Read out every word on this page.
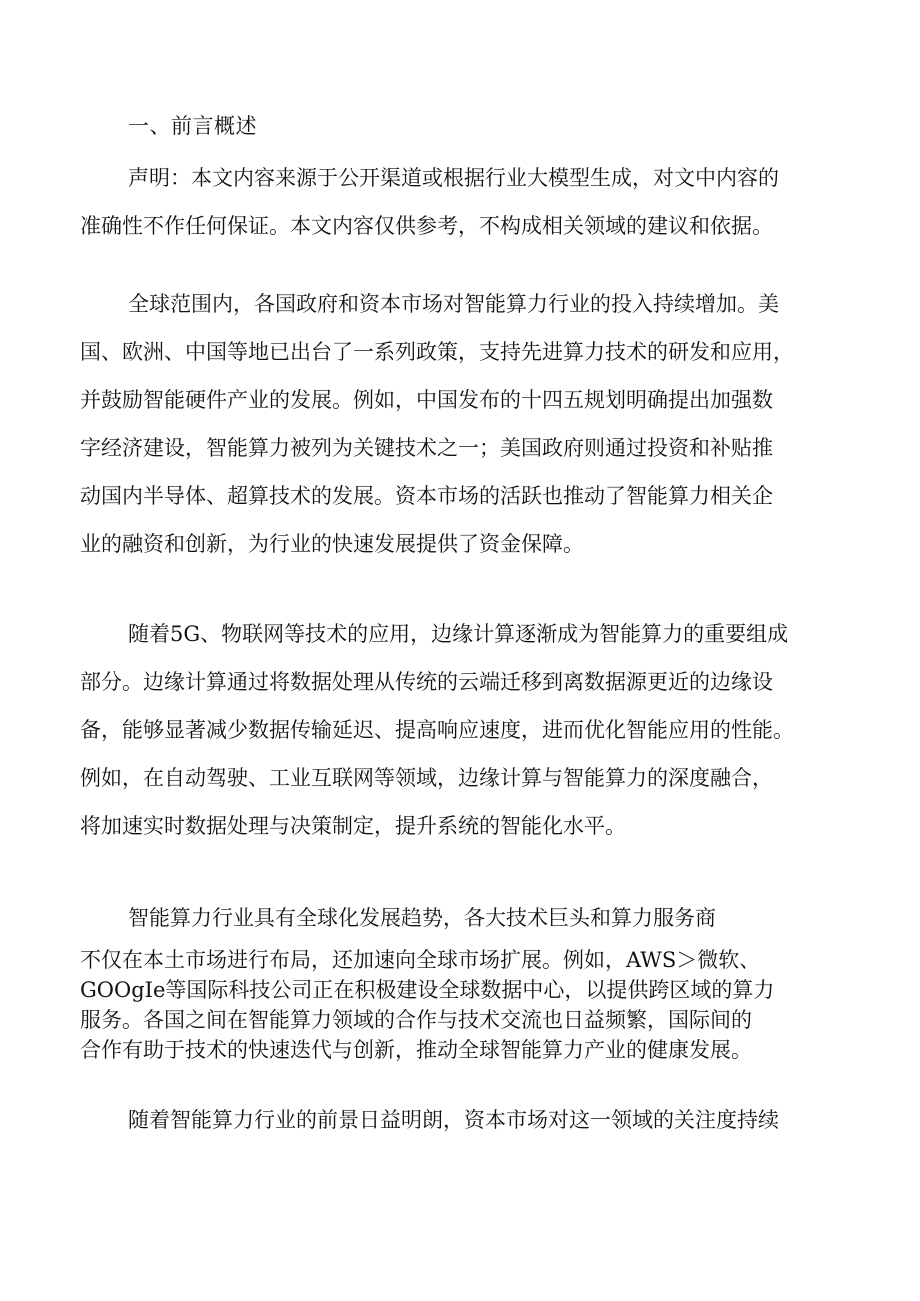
一、前言概述
声明：本文内容来源于公开渠道或根据行业大模型生成，对文中内容的
准确性不作任何保证。本文内容仅供参考，不构成相关领域的建议和依据。
全球范围内，各国政府和资本市场对智能算力行业的投入持续增加。美
国、欧洲、中国等地已出台了一系列政策，支持先进算力技术的研发和应用，
并鼓励智能硬件产业的发展。例如，中国发布的十四五规划明确提出加强数
字经济建设，智能算力被列为关键技术之一；美国政府则通过投资和补贴推
动国内半导体、超算技术的发展。资本市场的活跃也推动了智能算力相关企
业的融资和创新，为行业的快速发展提供了资金保障。
随着5G、物联网等技术的应用，边缘计算逐渐成为智能算力的重要组成
部分。边缘计算通过将数据处理从传统的云端迁移到离数据源更近的边缘设
备，能够显著减少数据传输延迟、提高响应速度，进而优化智能应用的性能。
例如，在自动驾驶、工业互联网等领域，边缘计算与智能算力的深度融合，
将加速实时数据处理与决策制定，提升系统的智能化水平。
智能算力行业具有全球化发展趋势，各大技术巨头和算力服务商
不仅在本土市场进行布局，还加速向全球市场扩展。例如，AWS＞微软、
GOOgIe等国际科技公司正在积极建设全球数据中心，以提供跨区域的算力
服务。各国之间在智能算力领域的合作与技术交流也日益频繁，国际间的
合作有助于技术的快速迭代与创新，推动全球智能算力产业的健康发展。
随着智能算力行业的前景日益明朗，资本市场对这一领域的关注度持续
